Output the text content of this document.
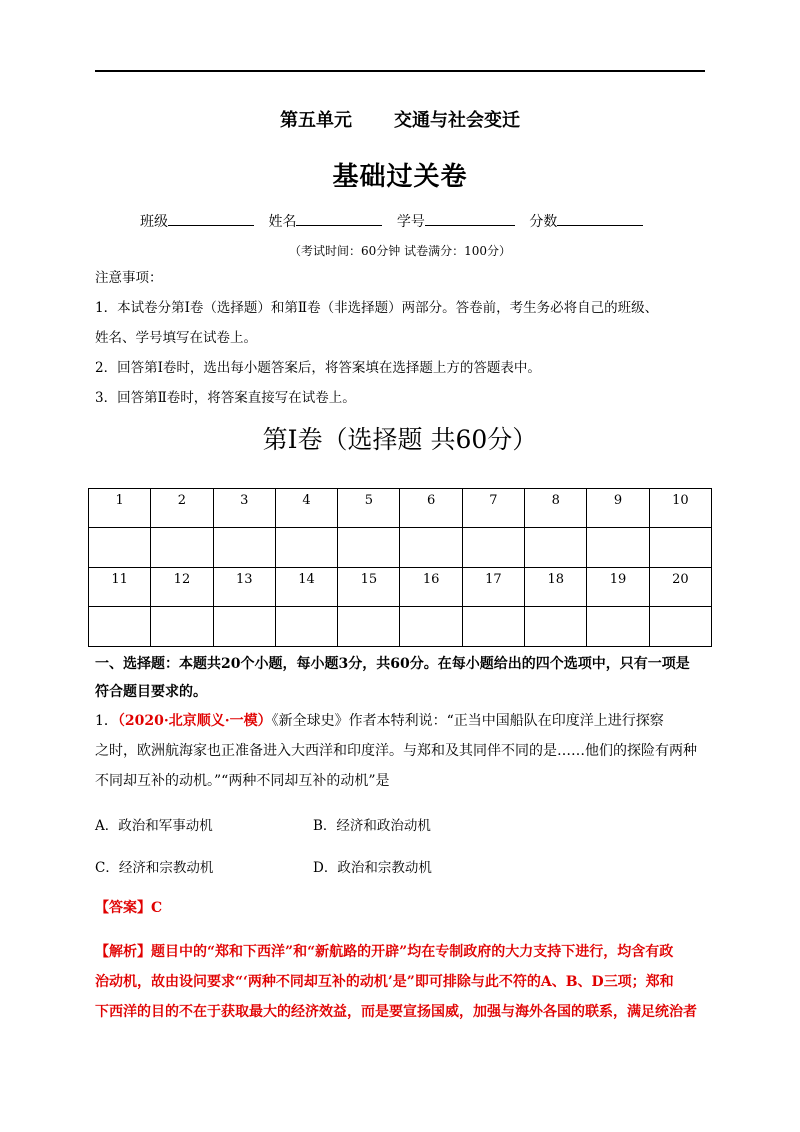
第五单元 交通与社会变迁
基础过关卷
班级	姓名	学号	分数
（考试时间：60分钟 试卷满分：100分）
注意事项：
1．本试卷分第Ⅰ卷（选择题）和第Ⅱ卷（非选择题）两部分。答卷前，考生务必将自己的班级、
姓名、学号填写在试卷上。
2．回答第Ⅰ卷时，选出每小题答案后，将答案填在选择题上方的答题表中。
3．回答第Ⅱ卷时，将答案直接写在试卷上。
第Ⅰ卷（选择题 共60分）
1	2	3	4	5	6	7	8	9	10

11	12	13	14	15	16	17	18	19	20

一、选择题：本题共20个小题，每小题3分，共60分。在每小题给出的四个选项中，只有一项是
符合题目要求的。
1．（2020·北京顺义·一模）《新全球史》作者本特利说：“正当中国船队在印度洋上进行探察
之时，欧洲航海家也正准备进入大西洋和印度洋。与郑和及其同伴不同的是……他们的探险有两种
不同却互补的动机。”“两种不同却互补的动机”是
A．政治和军事动机	B．经济和政治动机
C．经济和宗教动机	D．政治和宗教动机
【答案】C
【解析】题目中的“郑和下西洋”和“新航路的开辟”均在专制政府的大力支持下进行，均含有政
治动机，故由设问要求“‘两种不同却互补的动机’是”即可排除与此不符的A、B、D三项；郑和
下西洋的目的不在于获取最大的经济效益，而是要宣扬国威，加强与海外各国的联系，满足统治者
